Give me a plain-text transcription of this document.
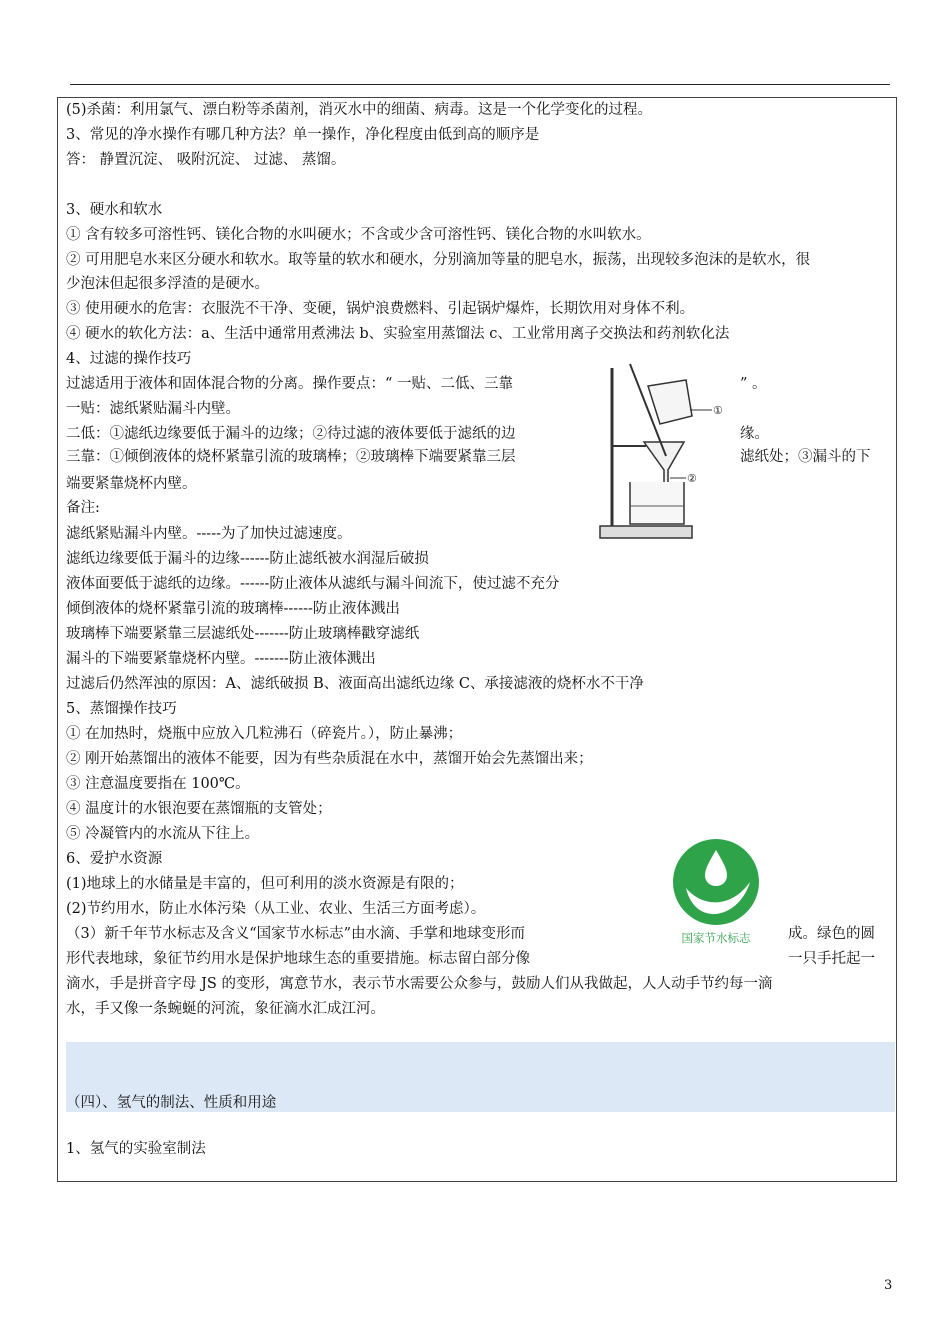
(5)杀菌：利用氯气、漂白粉等杀菌剂，消灭水中的细菌、病毒。这是一个化学变化的过程。
3、常见的净水操作有哪几种方法？单一操作，净化程度由低到高的顺序是
答： 静置沉淀、 吸附沉淀、 过滤、 蒸馏。
3、硬水和软水
① 含有较多可溶性钙、镁化合物的水叫硬水；不含或少含可溶性钙、镁化合物的水叫软水。
② 可用肥皂水来区分硬水和软水。取等量的软水和硬水，分别滴加等量的肥皂水，振荡，出现较多泡沫的是软水，很
少泡沫但起很多浮渣的是硬水。
③ 使用硬水的危害：衣服洗不干净、变硬，锅炉浪费燃料、引起锅炉爆炸，长期饮用对身体不利。
④ 硬水的软化方法：a、生活中通常用煮沸法 b、实验室用蒸馏法 c、工业常用离子交换法和药剂软化法
4、过滤的操作技巧
过滤适用于液体和固体混合物的分离。操作要点：“ 一贴、二低、三靠	” 。
一贴：滤纸紧贴漏斗内壁。
二低：①滤纸边缘要低于漏斗的边缘；②待过滤的液体要低于滤纸的边	缘。
三靠：①倾倒液体的烧杯紧靠引流的玻璃棒；②玻璃棒下端要紧靠三层	滤纸处；③漏斗的下
端要紧靠烧杯内壁。
备注:
滤纸紧贴漏斗内壁。-----为了加快过滤速度。
滤纸边缘要低于漏斗的边缘------防止滤纸被水润湿后破损
液体面要低于滤纸的边缘。------防止液体从滤纸与漏斗间流下，使过滤不充分
倾倒液体的烧杯紧靠引流的玻璃棒------防止液体溅出
玻璃棒下端要紧靠三层滤纸处-------防止玻璃棒戳穿滤纸
漏斗的下端要紧靠烧杯内壁。-------防止液体溅出
过滤后仍然浑浊的原因：A、滤纸破损 B、液面高出滤纸边缘 C、承接滤液的烧杯水不干净
①
②
5、蒸馏操作技巧
① 在加热时，烧瓶中应放入几粒沸石（碎瓷片。），防止暴沸；
② 刚开始蒸馏出的液体不能要，因为有些杂质混在水中，蒸馏开始会先蒸馏出来；
③ 注意温度要指在 100℃。
④ 温度计的水银泡要在蒸馏瓶的支管处；
⑤ 冷凝管内的水流从下往上。
6、爱护水资源
(1)地球上的水储量是丰富的，但可利用的淡水资源是有限的；
(2)节约用水，防止水体污染（从工业、农业、生活三方面考虑）。
（3）新千年节水标志及含义“国家节水标志”由水滴、手掌和地球变形而	成。绿色的圆
形代表地球，象征节约用水是保护地球生态的重要措施。标志留白部分像	一只手托起一
滴水，手是拼音字母 JS 的变形，寓意节水，表示节水需要公众参与，鼓励人们从我做起，人人动手节约每一滴
水，手又像一条蜿蜒的河流，象征滴水汇成江河。
国家节水标志
（四）、氢气的制法、性质和用途
1、氢气的实验室制法
3
